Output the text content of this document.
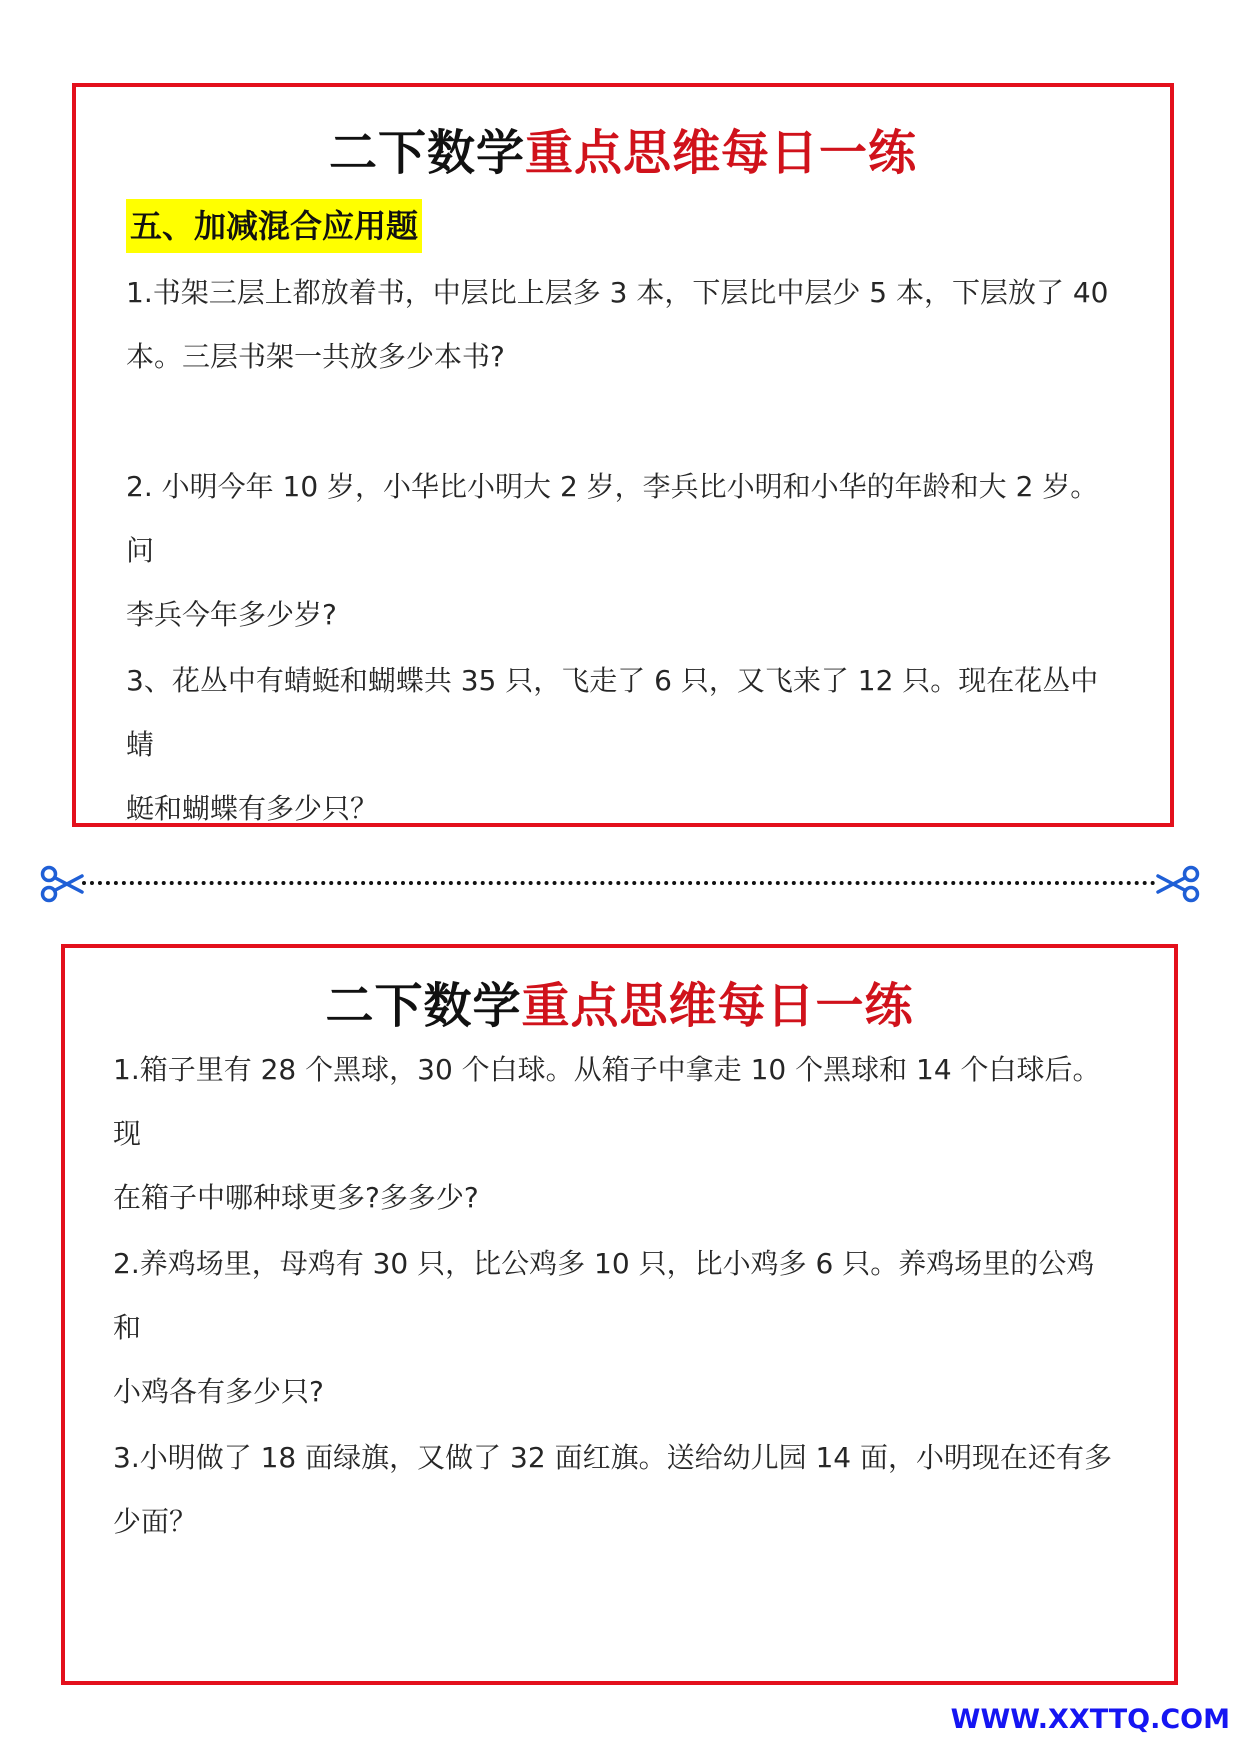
二下数学重点思维每日一练
五、加减混合应用题

1.书架三层上都放着书，中层比上层多 3 本，下层比中层少 5 本，下层放了 40
本。三层书架一共放多少本书?

2. 小明今年 10 岁，小华比小明大 2 岁，李兵比小明和小华的年龄和大 2 岁。问
李兵今年多少岁?

3、花丛中有蜻蜓和蝴蝶共 35 只，飞走了 6 只，又飞来了 12 只。现在花丛中蜻
蜓和蝴蝶有多少只？

二下数学重点思维每日一练

1.箱子里有 28 个黑球，30 个白球。从箱子中拿走 10 个黑球和 14 个白球后。现
在箱子中哪种球更多?多多少?

2.养鸡场里，母鸡有 30 只，比公鸡多 10 只，比小鸡多 6 只。养鸡场里的公鸡和
小鸡各有多少只?

3.小明做了 18 面绿旗，又做了 32 面红旗。送给幼儿园 14 面，小明现在还有多
少面？

WWW.XXTTQ.COM
